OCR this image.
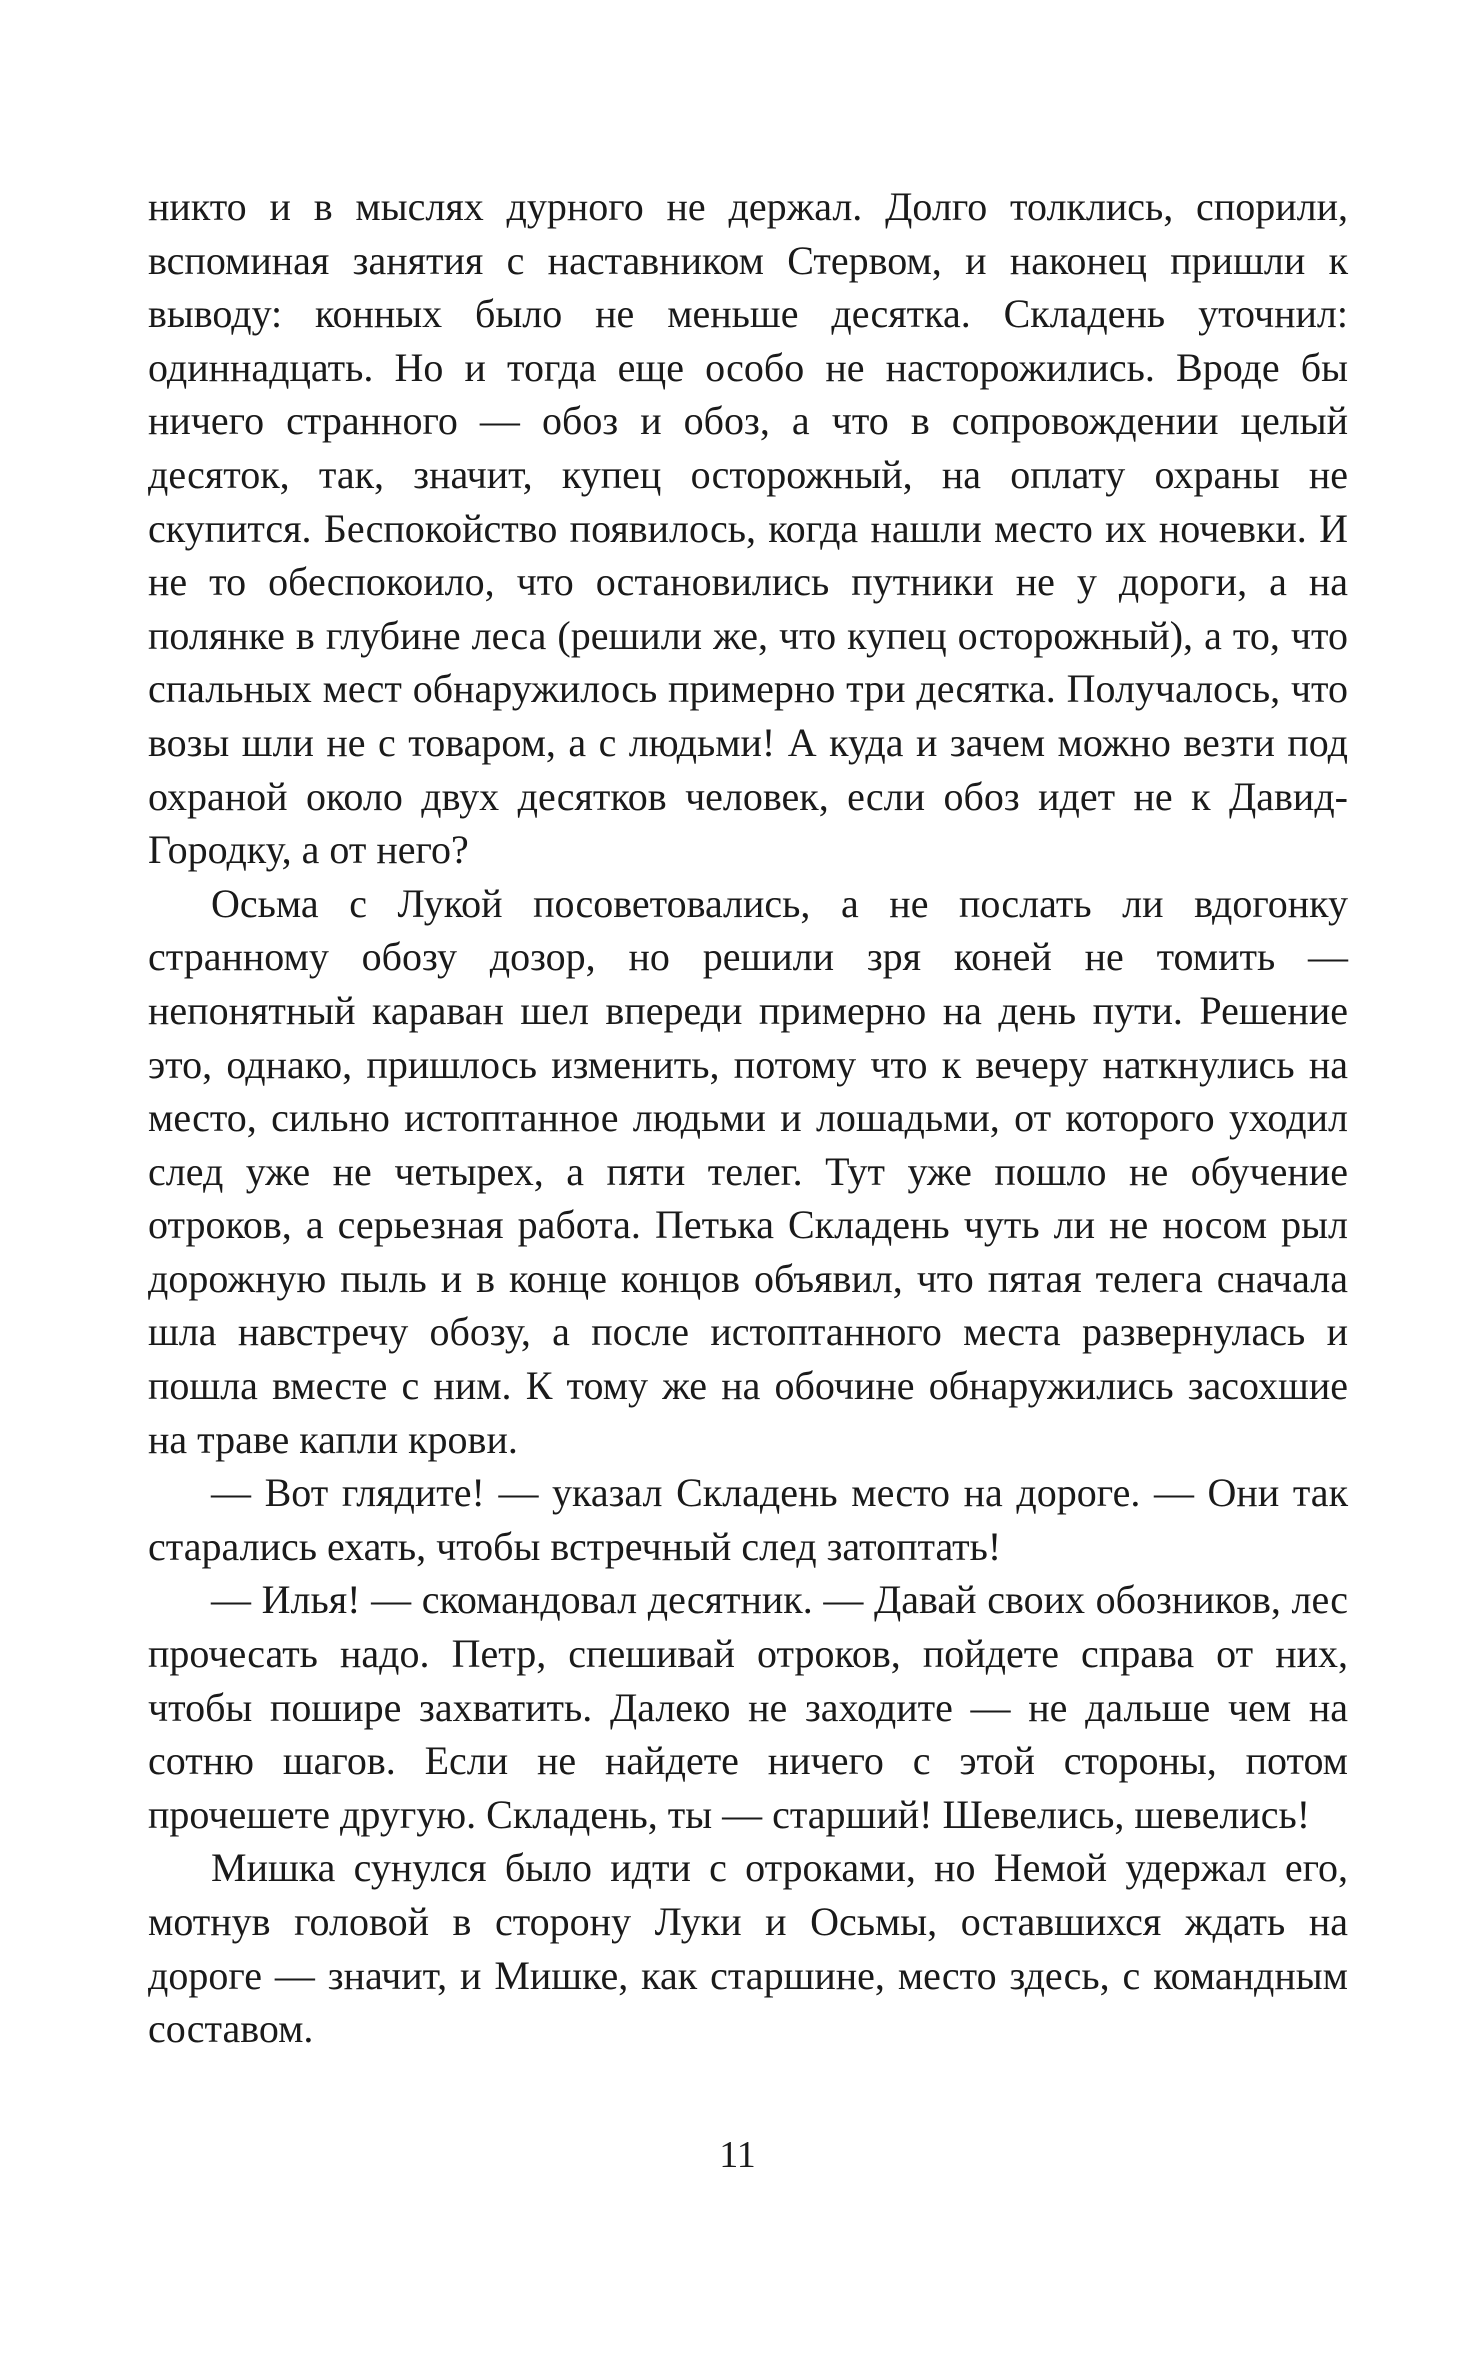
никто и в мыслях дурного не держал. Долго толклись, спорили, вспоминая занятия с наставником Стервом, и наконец пришли к выводу: конных было не меньше десятка. Складень уточнил: одиннадцать. Но и тогда еще особо не насторожились. Вроде бы ничего странного — обоз и обоз, а что в сопровождении целый десяток, так, значит, купец осторожный, на оплату охраны не скупится. Беспокойство появилось, когда нашли место их ночевки. И не то обеспокоило, что остановились путники не у дороги, а на полянке в глубине леса (решили же, что купец осторожный), а то, что спальных мест обнаружилось примерно три десятка. Получалось, что возы шли не с товаром, а с людьми! А куда и зачем можно везти под охраной около двух десятков человек, если обоз идет не к Давид-Городку, а от него?

Осьма с Лукой посоветовались, а не послать ли вдогонку странному обозу дозор, но решили зря коней не томить — непонятный караван шел впереди примерно на день пути. Решение это, однако, пришлось изменить, потому что к вечеру наткнулись на место, сильно истоптанное людьми и лошадьми, от которого уходил след уже не четырех, а пяти телег. Тут уже пошло не обучение отроков, а серьезная работа. Петька Складень чуть ли не носом рыл дорожную пыль и в конце концов объявил, что пятая телега сначала шла навстречу обозу, а после истоптанного места развернулась и пошла вместе с ним. К тому же на обочине обнаружились засохшие на траве капли крови.

— Вот глядите! — указал Складень место на дороге. — Они так старались ехать, чтобы встречный след затоптать!

— Илья! — скомандовал десятник. — Давай своих обозников, лес прочесать надо. Петр, спешивай отроков, пойдете справа от них, чтобы пошире захватить. Далеко не заходите — не дальше чем на сотню шагов. Если не найдете ничего с этой стороны, потом прочешете другую. Складень, ты — старший! Шевелись, шевелись!

Мишка сунулся было идти с отроками, но Немой удержал его, мотнув головой в сторону Луки и Осьмы, оставшихся ждать на дороге — значит, и Мишке, как старшине, место здесь, с командным составом.

11
